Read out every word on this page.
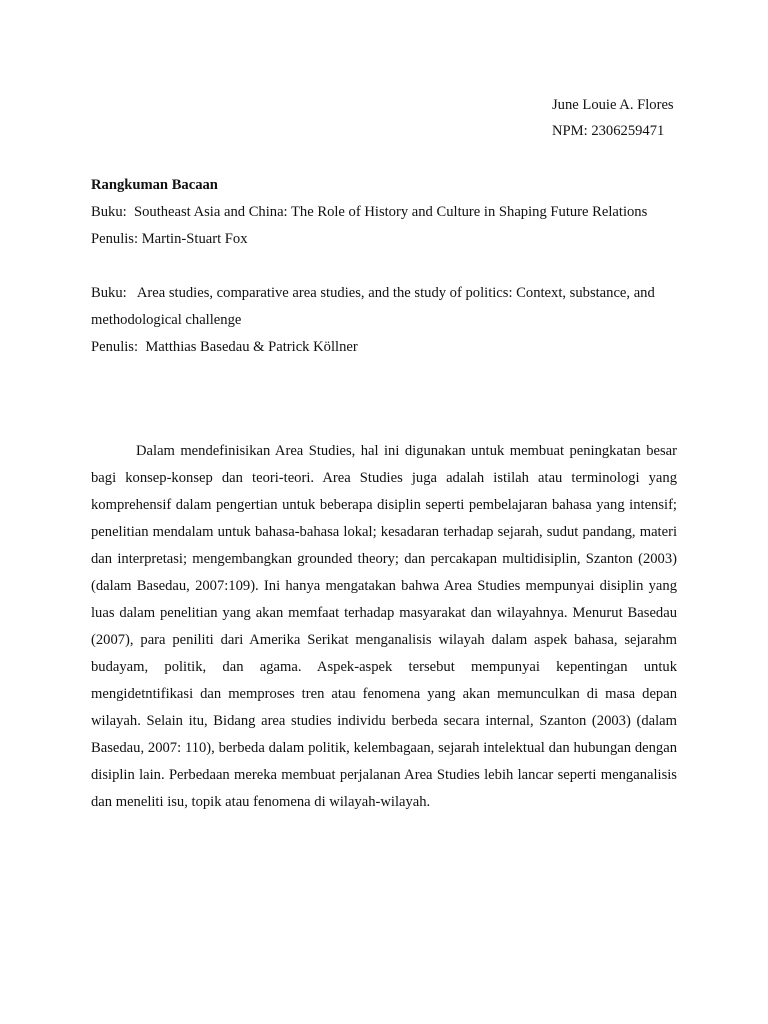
June Louie A. Flores
NPM: 2306259471
Rangkuman Bacaan
Buku:  Southeast Asia and China: The Role of History and Culture in Shaping Future Relations
Penulis: Martin-Stuart Fox
Buku:   Area studies, comparative area studies, and the study of politics: Context, substance, and methodological challenge
Penulis:  Matthias Basedau & Patrick Köllner

Dalam mendefinisikan Area Studies, hal ini digunakan untuk membuat peningkatan besar bagi konsep-konsep dan teori-teori. Area Studies juga adalah istilah atau terminologi yang komprehensif dalam pengertian untuk beberapa disiplin seperti pembelajaran bahasa yang intensif; penelitian mendalam untuk bahasa-bahasa lokal; kesadaran terhadap sejarah, sudut pandang, materi dan interpretasi; mengembangkan grounded theory; dan percakapan multidisiplin, Szanton (2003) (dalam Basedau, 2007:109). Ini hanya mengatakan bahwa Area Studies mempunyai disiplin yang luas dalam penelitian yang akan memfaat terhadap masyarakat dan wilayahnya. Menurut Basedau (2007), para peniliti dari Amerika Serikat menganalisis wilayah dalam aspek bahasa, sejarahm budayam, politik, dan agama. Aspek-aspek tersebut mempunyai kepentingan untuk mengidetntifikasi dan memproses tren atau fenomena yang akan memunculkan di masa depan wilayah. Selain itu, Bidang area studies individu berbeda secara internal, Szanton (2003) (dalam Basedau, 2007: 110), berbeda dalam politik, kelembagaan, sejarah intelektual dan hubungan dengan disiplin lain. Perbedaan mereka membuat perjalanan Area Studies lebih lancar seperti menganalisis dan meneliti isu, topik atau fenomena di wilayah-wilayah.
